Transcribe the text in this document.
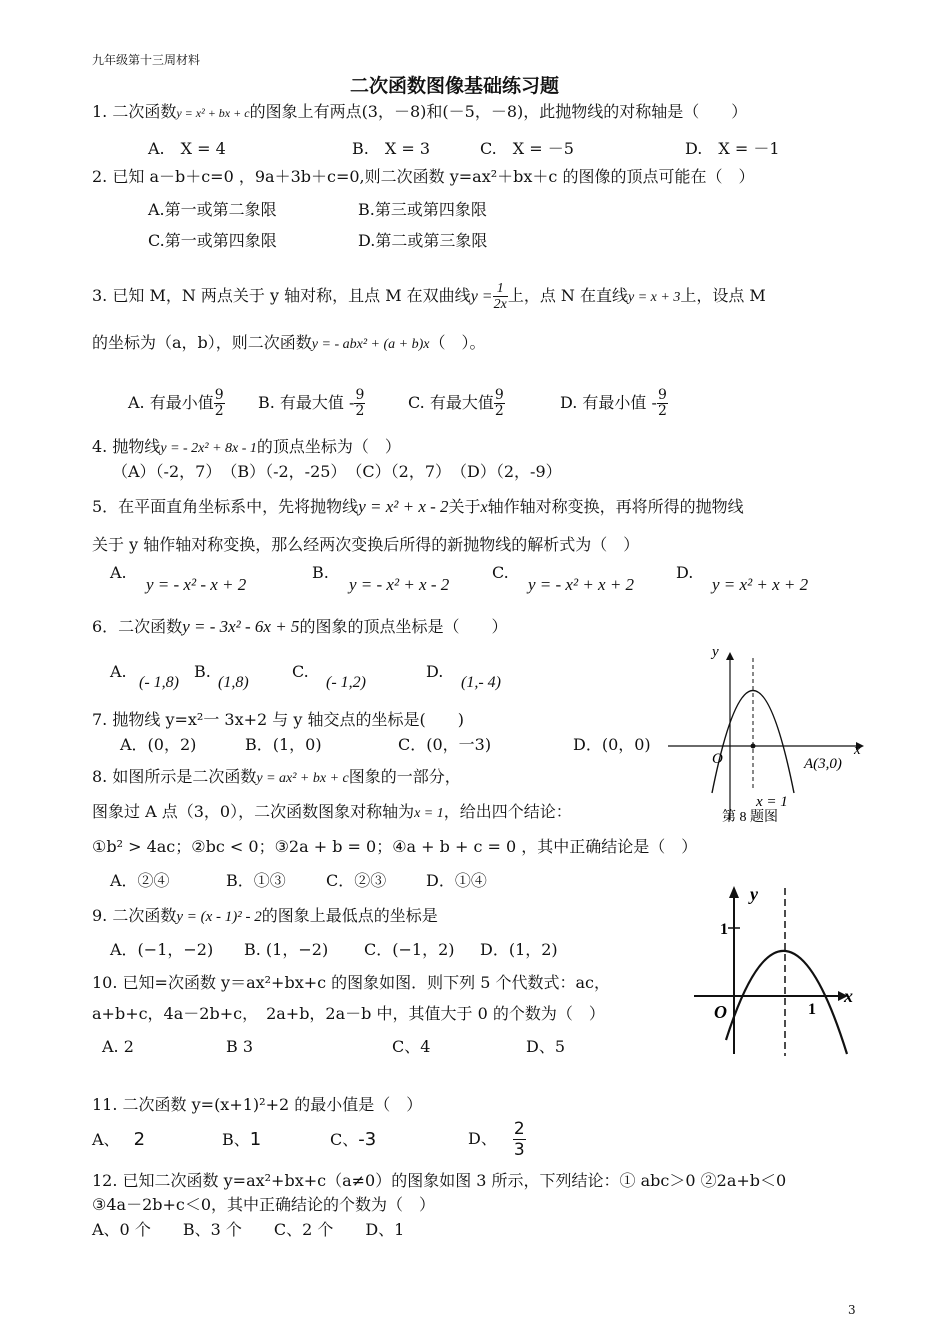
九年级第十三周材料
二次函数图像基础练习题
1. 二次函数y = x² + bx + c的图象上有两点(3，－8)和(－5，－8)，此抛物线的对称轴是（　　）
A.　X = 4	B.　X = 3	C.　X = －5	D.　X = －1
2. 已知 a－b＋c=0 ，9a＋3b＋c=0,则二次函数 y=ax²＋bx＋c 的图像的顶点可能在（　）
A.第一或第二象限	B.第三或第四象限
C.第一或第四象限	D.第二或第三象限
3. 已知 M，N 两点关于 y 轴对称，且点 M 在双曲线$y = \frac{1}{2x}$ 上，点 N 在直线y = x + 3上，设点 M
的坐标为（a，b），则二次函数y = - abx² + (a + b)x（　）。
A. 有最小值 $\frac{9}{2} B$. 有最大值 - $\frac{9}{2}$	C. 有最大值 $\frac{9}{2}$	D. 有最小值 - $\frac{9}{2}$
4. 抛物线y = - 2x² + 8x - 1的顶点坐标为（　）
（A）（-2，7）　（B）（-2，-25）　（C）（2，7）　（D）（2，-9）
5．在平面直角坐标系中，先将抛物线y = x² + x - 2关于x轴作轴对称变换，再将所得的抛物线
关于 y 轴作轴对称变换，那么经两次变换后所得的新抛物线的解析式为（　）
A.
y = - x² - x + 2
B.
y = - x² + x - 2
C.
y = - x² + x + 2
D.
y = x² + x + 2
6．二次函数y = - 3x² - 6x + 5的图象的顶点坐标是（　　）
A.
(- 1,8)
B.
(1,8)
C.
(- 1,2)
D.
(1,- 4)
y
x
O	A(3,0)
x = 1
第 8 题图
7. 抛物线 y=x²一 3x+2 与 y 轴交点的坐标是(　　)
A．(0，2)	B．(1，0)	C．(0，一3)	D．(0，0)
8. 如图所示是二次函数y = ax² + bx + c图象的一部分，
图象过 A 点（3，0），二次函数图象对称轴为x = 1，给出四个结论：
①b² > 4ac；②bc < 0；③2a + b = 0；④a + b + c = 0 ，其中正确结论是（　）
A．②④	B．①③	C．②③ D．①④
y
x
O
1
1
9. 二次函数y = (x - 1)² - 2的图象上最低点的坐标是
A．(−1，−2) B. (1，−2) C．(−1，2) D．(1，2)
10. 已知=次函数 y＝ax²+bx+c 的图象如图．则下列 5 个代数式：ac，
a+b+c，4a－2b+c，　2a+b，2a－b 中，其值大于 0 的个数为（　）
A. 2	B 3	C、4	D、5
11. 二次函数 y=(x+1)²+2 的最小值是（　）
A、 2	B、1	C、-3	D、 $\frac{2}{3}$
12. 已知二次函数 y=ax²+bx+c（a≠0）的图象如图 3 所示，下列结论：① abc＞0 ②2a+b＜0
③4a－2b+c＜0，其中正确结论的个数为（　）
A、0 个　　B、3 个　　C、2 个　　D、1
3
